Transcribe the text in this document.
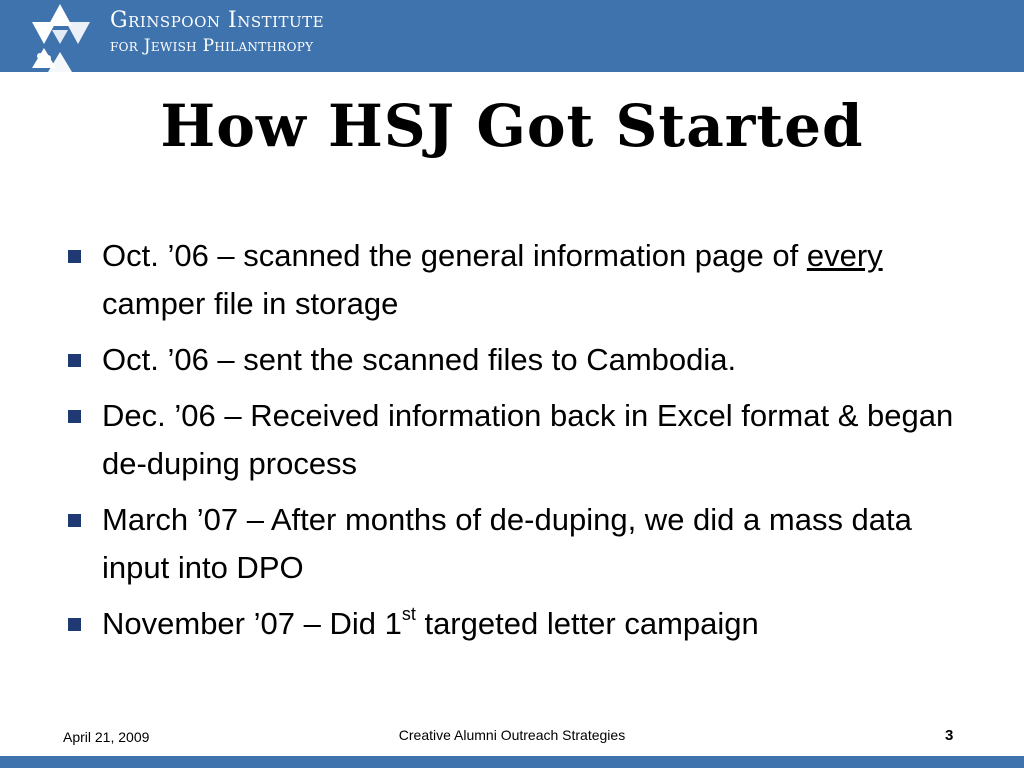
Grinspoon Institute
for Jewish Philanthropy
How HSJ Got Started
Oct. ’06 – scanned the general information page of every camper file in storage
Oct. ’06 – sent the scanned files to Cambodia.
Dec. ’06 – Received information back in Excel format & began de-duping process
March ’07 – After months of de-duping, we did a mass data input into DPO
November ’07 – Did 1st targeted letter campaign
April 21, 2009	Creative Alumni Outreach Strategies	3
